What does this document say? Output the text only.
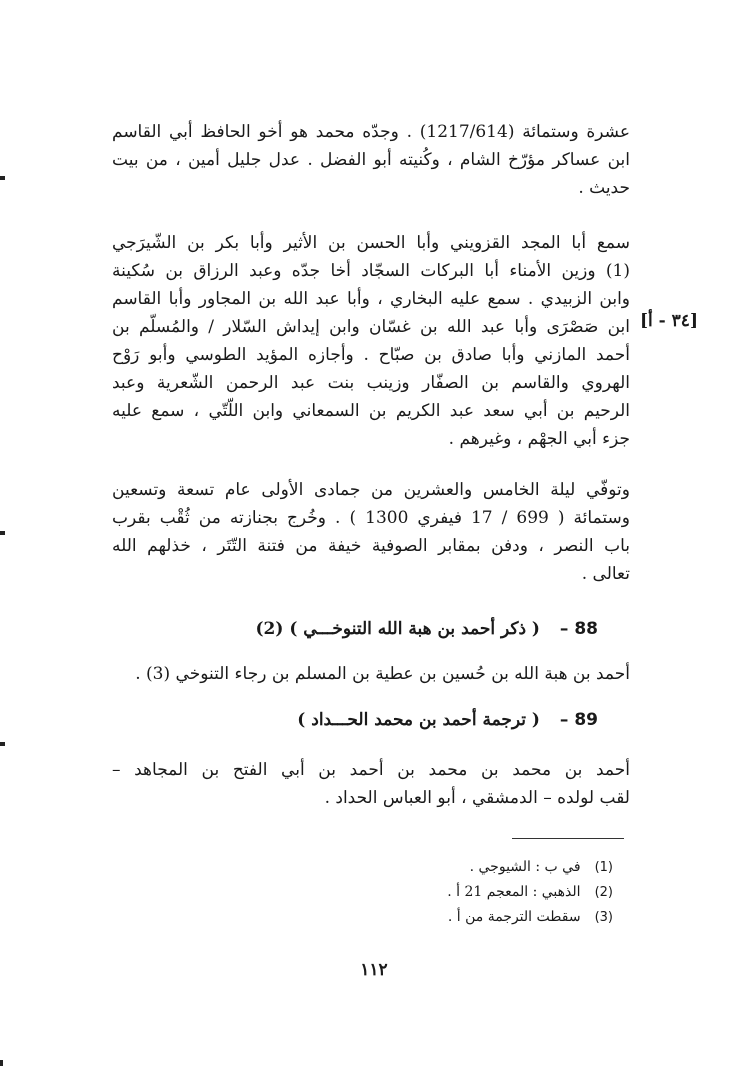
عشرة وستمائة (1217/614) . وجدّه محمد هو أخو الحافظ أبي القاسم
ابن عساكر مؤرّخ الشام ، وكُنيته أبو الفضل . عدل جليل أمين ، من بيت
حديث .
سمع أبا المجد القزويني وأبا الحسن بن الأثير وأبا بكر بن الشّيرَجي
(1) وزين الأمناء أبا البركات السجّاد أخا جدّه وعبد الرزاق بن سُكينة
وابن الزبيدي . سمع عليه البخاري ، وأبا عبد الله بن المجاور وأبا القاسم
ابن صَصْرَى وأبا عبد الله بن غسّان وابن إيداش السّلار / والمُسلّم بن
أحمد المازني وأبا صادق بن صبّاح . وأجازه المؤيد الطوسي وأبو رَوْح
الهروي والقاسم بن الصفّار وزينب بنت عبد الرحمن الشّعرية وعبد
الرحيم بن أبي سعد عبد الكريم بن السمعاني وابن اللّتّي ، سمع عليه
جزء أبي الجهْم ، وغيرهم .
[٣٤ - أ]
وتوفّي ليلة الخامس والعشرين من جمادى الأولى عام تسعة وتسعين
وستمائة ( 699 / 17 فيفري 1300 ) . وخُرج بجنازته من ثُقْب بقرب
باب النصر ، ودفن بمقابر الصوفية خيفة من فتنة التّتَر ، خذلهم الله
تعالى .
88 – ( ذكر أحمد بن هبة الله التنوخـــي ) (2)
أحمد بن هبة الله بن حُسين بن عطية بن المسلم بن رجاء التنوخي (3) .
89 – ( ترجمة أحمد بن محمد الحـــداد )
أحمد بن محمد بن محمد بن أحمد بن أبي الفتح بن المجاهد –
لقب لولده – الدمشقي ، أبو العباس الحداد .
(1) في ب : الشيوجي .
(2) الذهبي : المعجم 21 أ .
(3) سقطت الترجمة من أ .
١١٢
